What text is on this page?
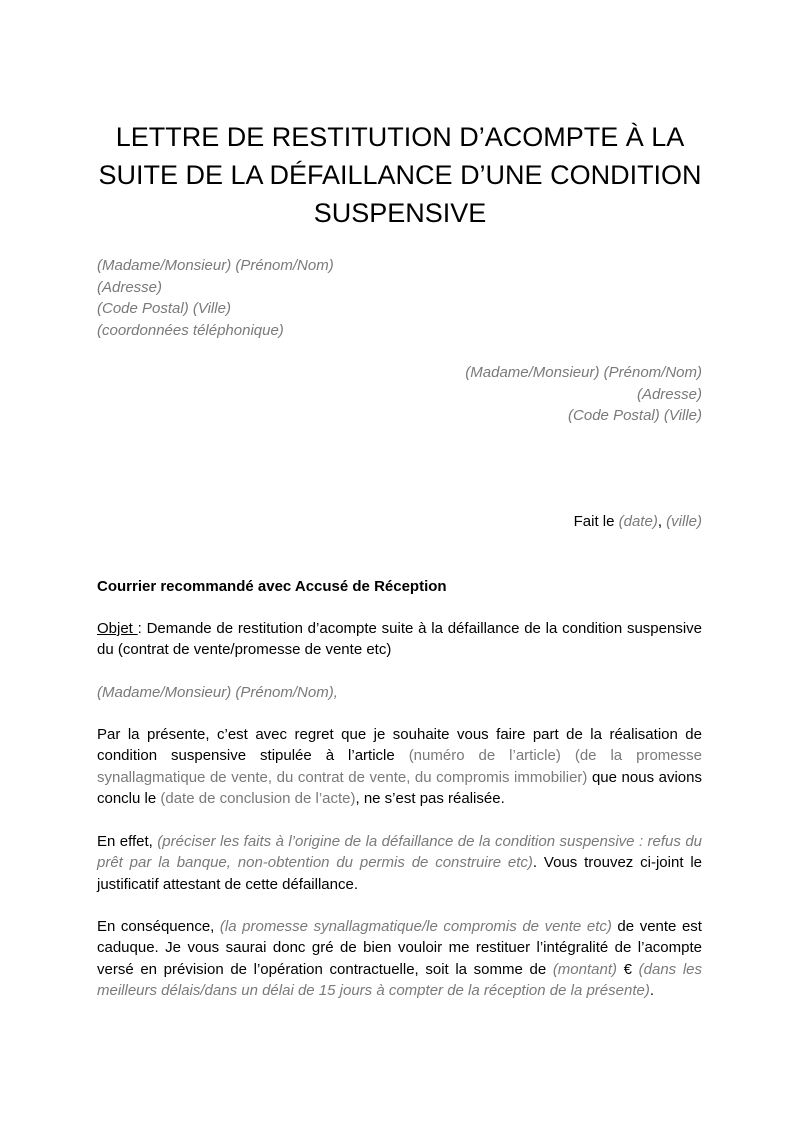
LETTRE DE RESTITUTION D’ACOMPTE À LA
SUITE DE LA DÉFAILLANCE D’UNE CONDITION
SUSPENSIVE
(Madame/Monsieur) (Prénom/Nom)
(Adresse)
(Code Postal) (Ville)
(coordonnées téléphonique)
(Madame/Monsieur) (Prénom/Nom)
(Adresse)
(Code Postal) (Ville)
Fait le (date), (ville)
Courrier recommandé avec Accusé de Réception

Objet : Demande de restitution d’acompte suite à la défaillance de la condition suspensive du (contrat de vente/promesse de vente etc)

(Madame/Monsieur) (Prénom/Nom),

Par la présente, c’est avec regret que je souhaite vous faire part de la réalisation de condition suspensive stipulée à l’article (numéro de l’article) (de la promesse synallagmatique de vente, du contrat de vente, du compromis immobilier) que nous avions conclu le (date de conclusion de l’acte), ne s’est pas réalisée.

En effet, (préciser les faits à l’origine de la défaillance de la condition suspensive : refus du prêt par la banque, non-obtention du permis de construire etc). Vous trouvez ci-joint le justificatif attestant de cette défaillance.

En conséquence, (la promesse synallagmatique/le compromis de vente etc) de vente est caduque. Je vous saurai donc gré de bien vouloir me restituer l’intégralité de l’acompte versé en prévision de l’opération contractuelle, soit la somme de (montant) € (dans les meilleurs délais/dans un délai de 15 jours à compter de la réception de la présente).
